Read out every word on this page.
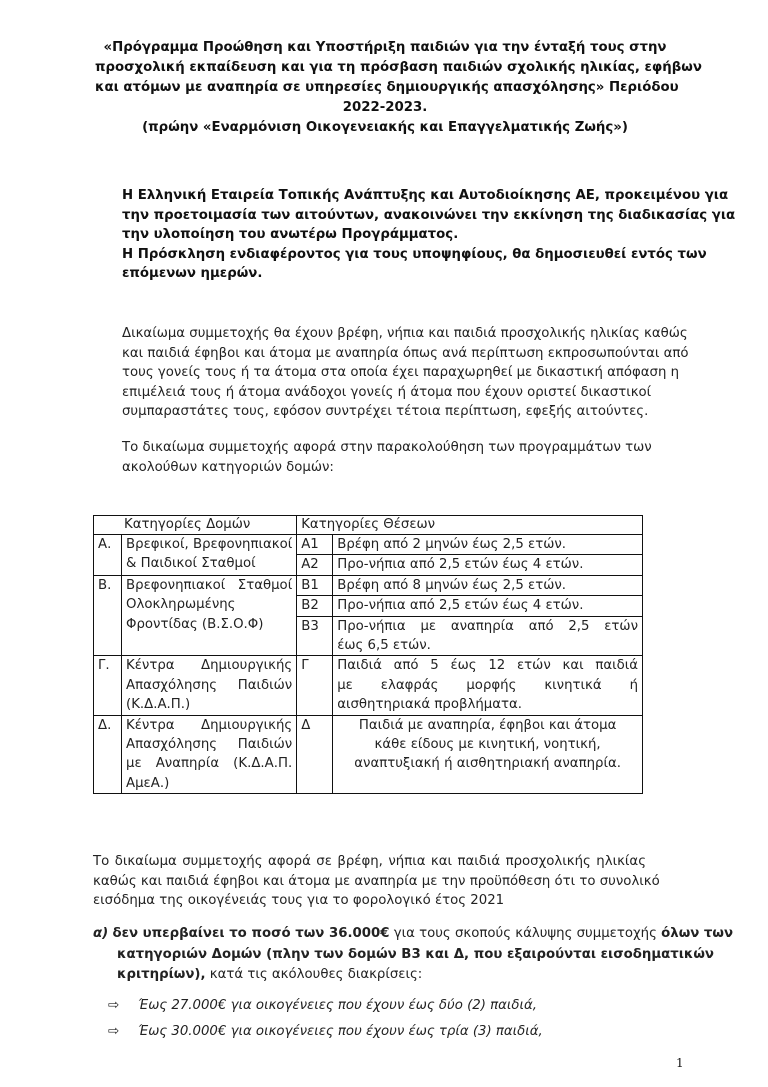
«Πρόγραμμα Προώθηση και Υποστήριξη παιδιών για την ένταξή τους στην
προσχολική εκπαίδευση και για τη πρόσβαση παιδιών σχολικής ηλικίας, εφήβων
και ατόμων με αναπηρία σε υπηρεσίες δημιουργικής απασχόλησης» Περιόδου
2022-2023.
(πρώην «Εναρμόνιση Οικογενειακής και Επαγγελματικής Ζωής»)
Η Ελληνική Εταιρεία Τοπικής Ανάπτυξης και Αυτοδιοίκησης ΑΕ, προκειμένου για
την προετοιμασία των αιτούντων, ανακοινώνει την εκκίνηση της διαδικασίας για
την υλοποίηση του ανωτέρω Προγράμματος.
Η Πρόσκληση ενδιαφέροντος για τους υποψηφίους, θα δημοσιευθεί εντός των
επόμενων ημερών.
Δικαίωμα συμμετοχής θα έχουν βρέφη, νήπια και παιδιά προσχολικής ηλικίας καθώς
και παιδιά έφηβοι και άτομα με αναπηρία όπως ανά περίπτωση εκπροσωπούνται από
τους γονείς τους ή τα άτομα στα οποία έχει παραχωρηθεί με δικαστική απόφαση η
επιμέλειά τους ή άτομα ανάδοχοι γονείς ή άτομα που έχουν οριστεί δικαστικοί
συμπαραστάτες τους, εφόσον συντρέχει τέτοια περίπτωση, εφεξής αιτούντες.
Το δικαίωμα συμμετοχής αφορά στην παρακολούθηση των προγραμμάτων των
ακολούθων κατηγοριών δομών:
Κατηγορίες Δομών		Κατηγορίες Θέσεων	
Α.	Βρεφικοί, Βρεφονηπιακοί
& Παιδικοί Σταθμοί	Α1	Βρέφη από 2 μηνών έως 2,5 ετών.
		Α2	Προ-νήπια από 2,5 ετών έως 4 ετών.
Β.	Βρεφονηπιακοί Σταθμοί
Ολοκληρωμένης
Φροντίδας (Β.Σ.Ο.Φ)	Β1	Βρέφη από 8 μηνών έως 2,5 ετών.
		Β2	Προ-νήπια από 2,5 ετών έως 4 ετών.
		Β3	Προ-νήπια με αναπηρία από 2,5 ετών
έως 6,5 ετών.

Γ.	Κέντρα Δημιουργικής
Απασχόλησης Παιδιών
(Κ.Δ.Α.Π.)	Γ	Παιδιά από 5 έως 12 ετών και παιδιά
με ελαφράς μορφής κινητικά ή
αισθητηριακά προβλήματα.

Δ.	Κέντρα Δημιουργικής
Απασχόλησης Παιδιών
με Αναπηρία (Κ.Δ.Α.Π.
ΑμεΑ.)	Δ	Παιδιά με αναπηρία, έφηβοι και άτομα
κάθε είδους με κινητική, νοητική,
αναπτυξιακή ή αισθητηριακή αναπηρία.
Το δικαίωμα συμμετοχής αφορά σε βρέφη, νήπια και παιδιά προσχολικής ηλικίας
καθώς και παιδιά έφηβοι και άτομα με αναπηρία με την προϋπόθεση ότι το συνολικό
εισόδημα της οικογένειάς τους για το φορολογικό έτος 2021
α) δεν υπερβαίνει το ποσό των 36.000€ για τους σκοπούς κάλυψης συμμετοχής όλων των
κατηγοριών Δομών (πλην των δομών Β3 και Δ, που εξαιρούνται εισοδηματικών
κριτηρίων), κατά τις ακόλουθες διακρίσεις:
⇨ Έως 27.000€ για οικογένειες που έχουν έως δύο (2) παιδιά,
⇨ Έως 30.000€ για οικογένειες που έχουν έως τρία (3) παιδιά,
1
